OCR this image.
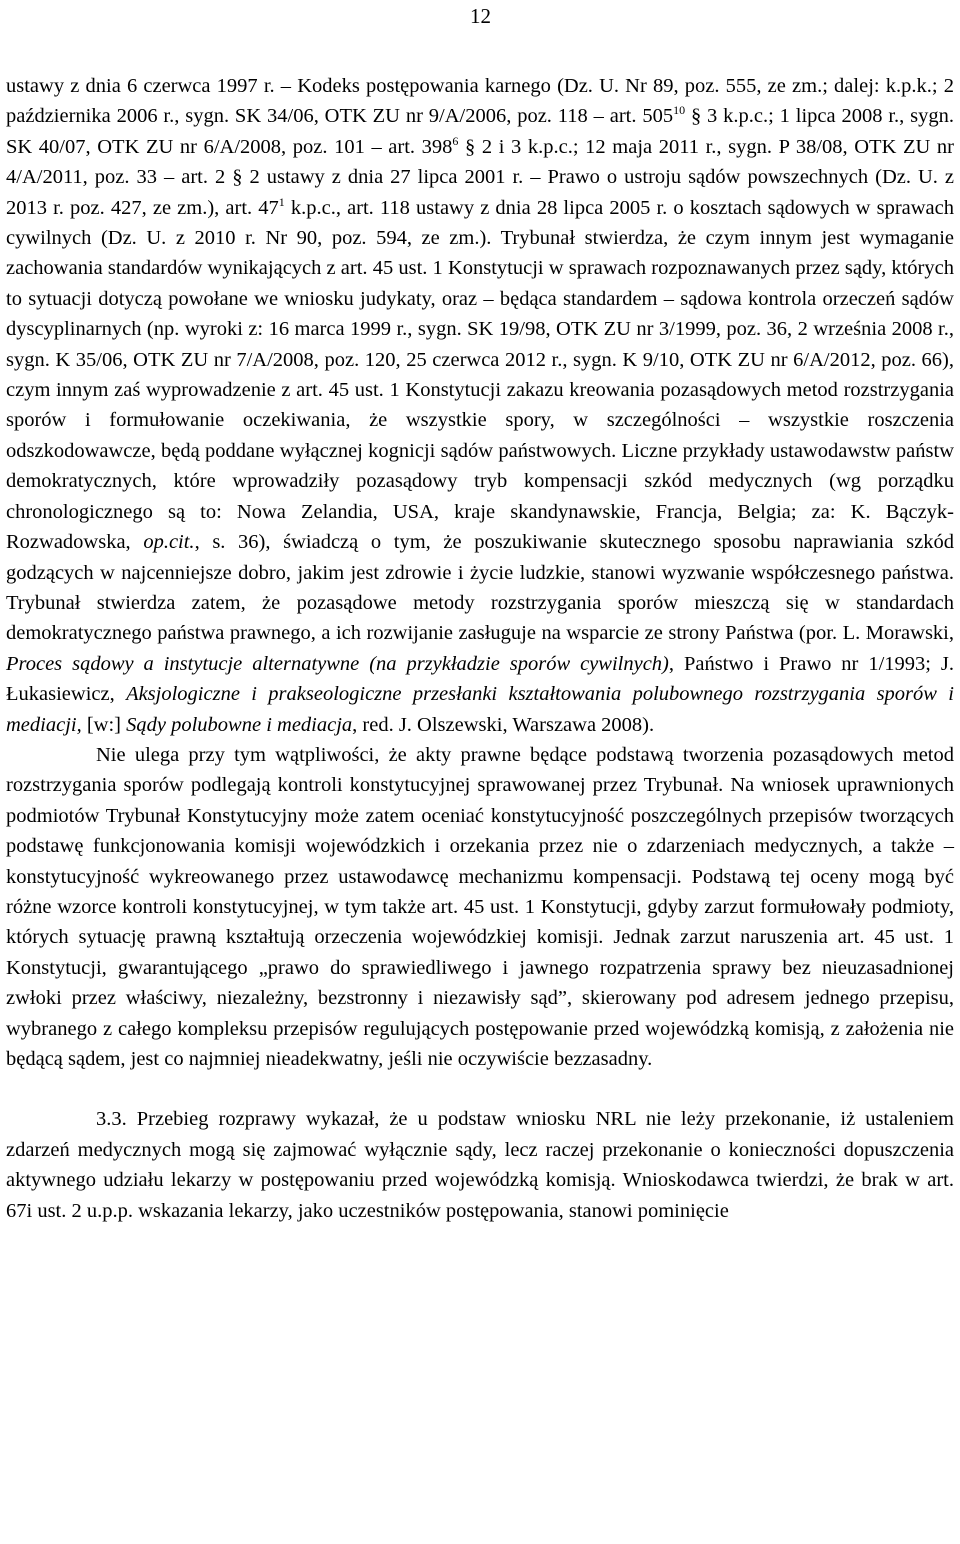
12

ustawy z dnia 6 czerwca 1997 r. – Kodeks postępowania karnego (Dz. U. Nr 89, poz. 555, ze zm.; dalej: k.p.k.; 2 października 2006 r., sygn. SK 34/06, OTK ZU nr 9/A/2006, poz. 118 – art. $505^{10}$ § 3 k.p.c.; 1 lipca 2008 r., sygn. SK 40/07, OTK ZU nr 6/A/2008, poz. 101 – art. $398^6$ § 2 i 3 k.p.c.; 12 maja 2011 r., sygn. P 38/08, OTK ZU nr 4/A/2011, poz. 33 – art. 2 § 2 ustawy z dnia 27 lipca 2001 r. – Prawo o ustroju sądów powszechnych (Dz. U. z 2013 r. poz. 427, ze zm.), art. $47^1$ k.p.c., art. 118 ustawy z dnia 28 lipca 2005 r. o kosztach sądowych w sprawach cywilnych (Dz. U. z 2010 r. Nr 90, poz. 594, ze zm.). Trybunał stwierdza, że czym innym jest wymaganie zachowania standardów wynikających z art. 45 ust. 1 Konstytucji w sprawach rozpoznawanych przez sądy, których to sytuacji dotyczą powołane we wniosku judykaty, oraz – będąca standardem – sądowa kontrola orzeczeń sądów dyscyplinarnych (np. wyroki z: 16 marca 1999 r., sygn. SK 19/98, OTK ZU nr 3/1999, poz. 36, 2 września 2008 r., sygn. K 35/06, OTK ZU nr 7/A/2008, poz. 120, 25 czerwca 2012 r., sygn. K 9/10, OTK ZU nr 6/A/2012, poz. 66), czym innym zaś wyprowadzenie z art. 45 ust. 1 Konstytucji zakazu kreowania pozasądowych metod rozstrzygania sporów i formułowanie oczekiwania, że wszystkie spory, w szczególności – wszystkie roszczenia odszkodowawcze, będą poddane wyłącznej kognicji sądów państwowych. Liczne przykłady ustawodawstw państw demokratycznych, które wprowadziły pozasądowy tryb kompensacji szkód medycznych (wg porządku chronologicznego są to: Nowa Zelandia, USA, kraje skandynawskie, Francja, Belgia; za: K. Bączyk-Rozwadowska, op.cit., s. 36), świadczą o tym, że poszukiwanie skutecznego sposobu naprawiania szkód godzących w najcenniejsze dobro, jakim jest zdrowie i życie ludzkie, stanowi wyzwanie współczesnego państwa. Trybunał stwierdza zatem, że pozasądowe metody rozstrzygania sporów mieszczą się w standardach demokratycznego państwa prawnego, a ich rozwijanie zasługuje na wsparcie ze strony Państwa (por. L. Morawski, Proces sądowy a instytucje alternatywne (na przykładzie sporów cywilnych), Państwo i Prawo nr 1/1993; J. Łukasiewicz, Aksjologiczne i prakseologiczne przesłanki kształtowania polubownego rozstrzygania sporów i mediacji, [w:] Sądy polubowne i mediacja, red. J. Olszewski, Warszawa 2008).

Nie ulega przy tym wątpliwości, że akty prawne będące podstawą tworzenia pozasądowych metod rozstrzygania sporów podlegają kontroli konstytucyjnej sprawowanej przez Trybunał. Na wniosek uprawnionych podmiotów Trybunał Konstytucyjny może zatem oceniać konstytucyjność poszczególnych przepisów tworzących podstawę funkcjonowania komisji wojewódzkich i orzekania przez nie o zdarzeniach medycznych, a także – konstytucyjność wykreowanego przez ustawodawcę mechanizmu kompensacji. Podstawą tej oceny mogą być różne wzorce kontroli konstytucyjnej, w tym także art. 45 ust. 1 Konstytucji, gdyby zarzut formułowały podmioty, których sytuację prawną kształtują orzeczenia wojewódzkiej komisji. Jednak zarzut naruszenia art. 45 ust. 1 Konstytucji, gwarantującego „prawo do sprawiedliwego i jawnego rozpatrzenia sprawy bez nieuzasadnionej zwłoki przez właściwy, niezależny, bezstronny i niezawisły sąd”, skierowany pod adresem jednego przepisu, wybranego z całego kompleksu przepisów regulujących postępowanie przed wojewódzką komisją, z założenia nie będącą sądem, jest co najmniej nieadekwatny, jeśli nie oczywiście bezzasadny.

3.3. Przebieg rozprawy wykazał, że u podstaw wniosku NRL nie leży przekonanie, iż ustaleniem zdarzeń medycznych mogą się zajmować wyłącznie sądy, lecz raczej przekonanie o konieczności dopuszczenia aktywnego udziału lekarzy w postępowaniu przed wojewódzką komisją. Wnioskodawca twierdzi, że brak w art. 67i ust. 2 u.p.p. wskazania lekarzy, jako uczestników postępowania, stanowi pominięcie
